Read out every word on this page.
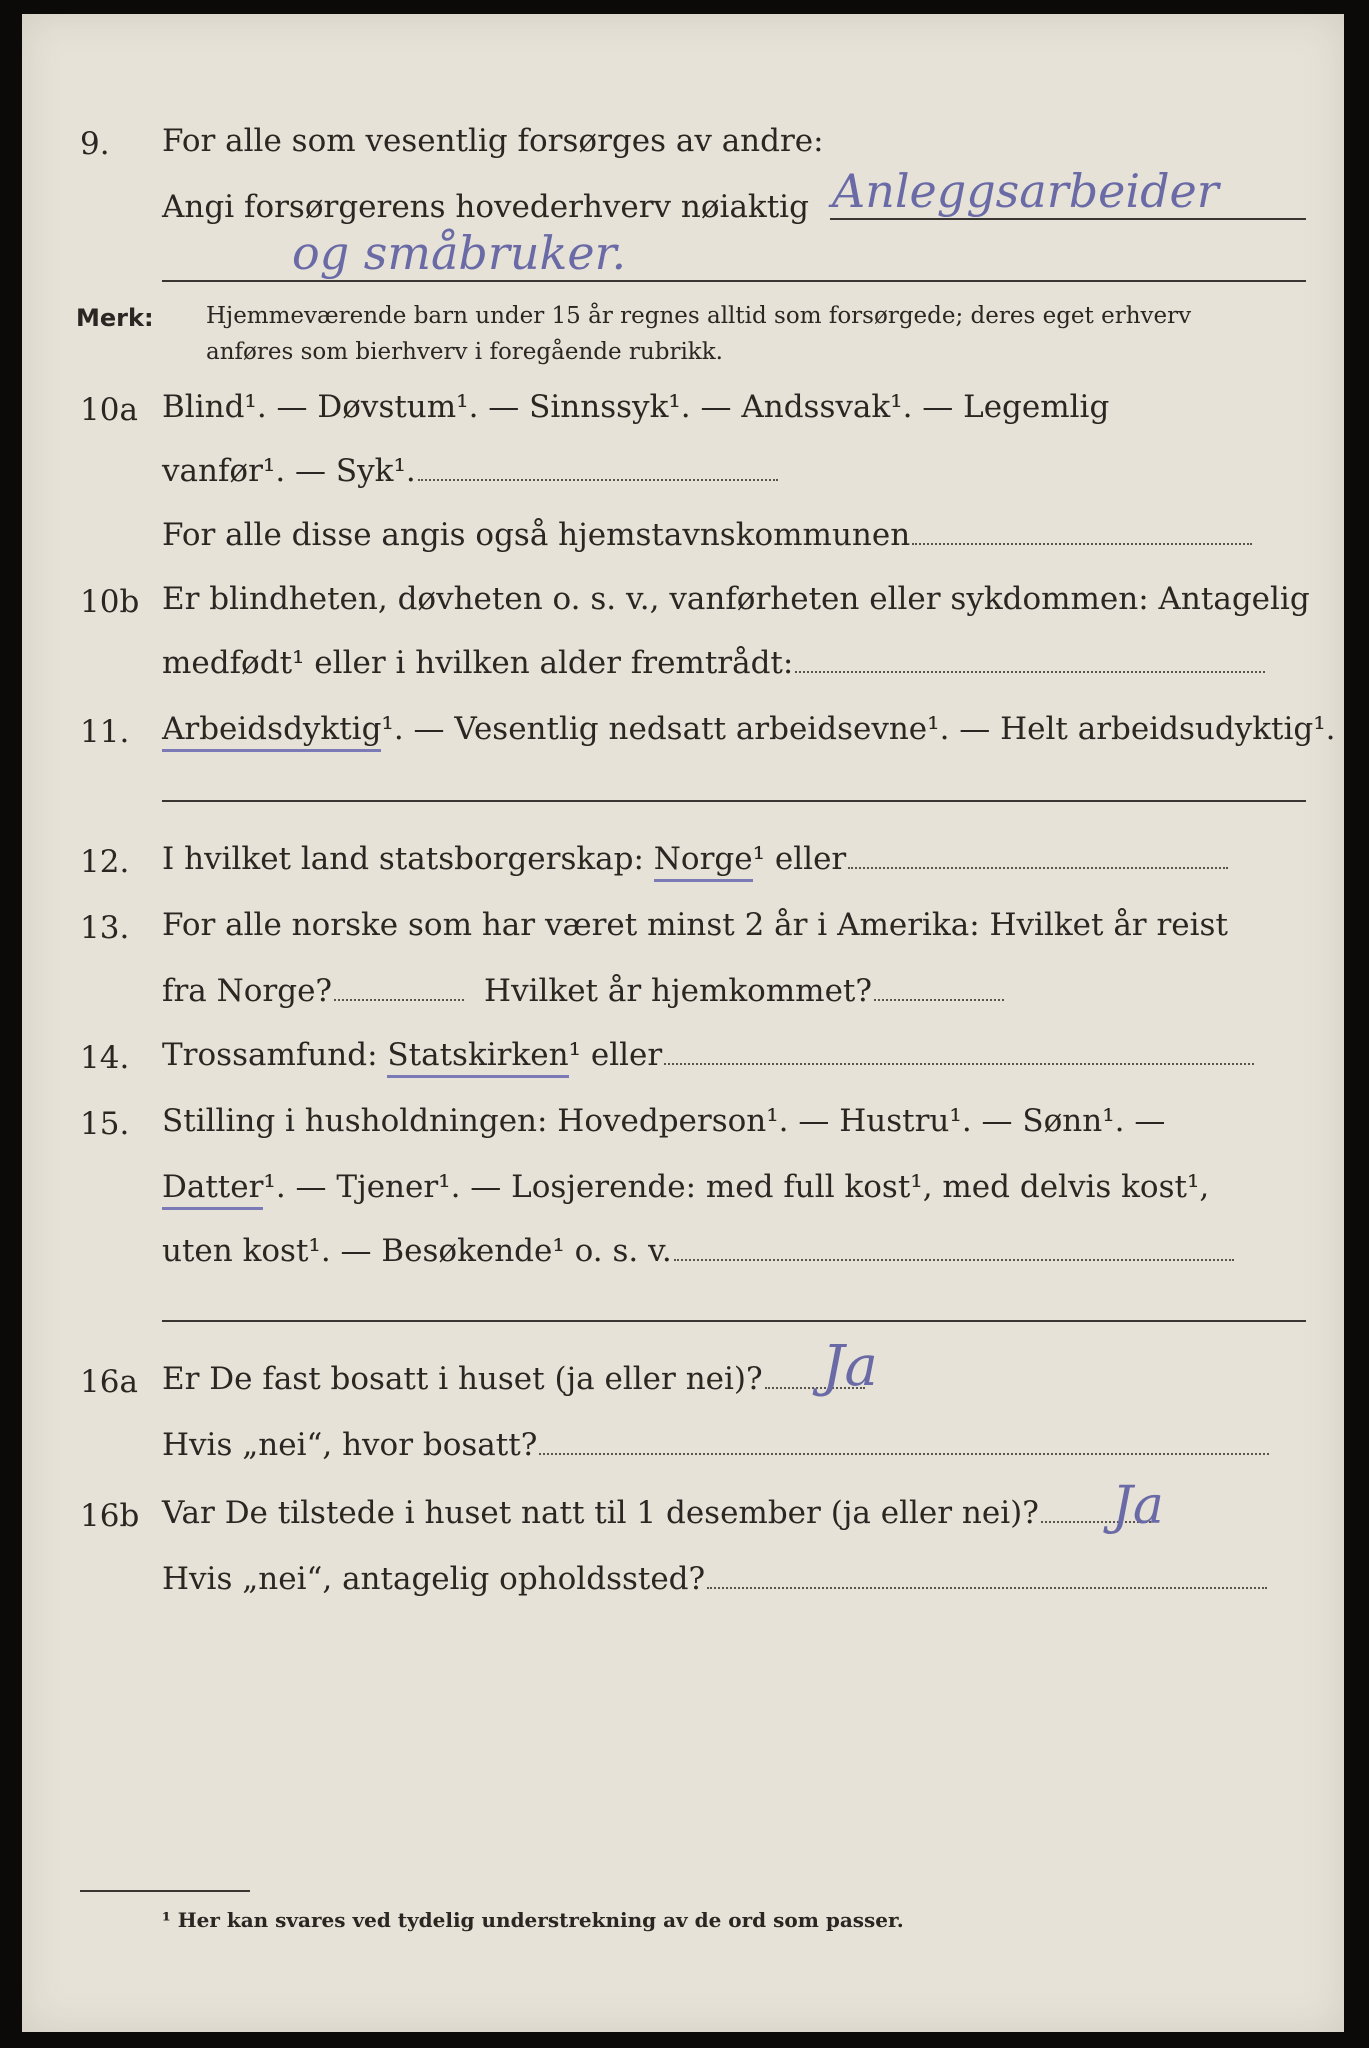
9. For alle som vesentlig forsørges av andre:
Angi forsørgerens hovederhverv nøiaktig Anleggsarbeider
og småbruker.
Merk: Hjemmeværende barn under 15 år regnes alltid som forsørgede; deres eget erhverv
anføres som bierhverv i foregående rubrikk.
10a Blind¹. — Døvstum¹. — Sinnssyk¹. — Andssvak¹. — Legemlig
vanfør¹. — Syk¹.
For alle disse angis også hjemstavnskommunen
10b Er blindheten, døvheten o. s. v., vanførheten eller sykdommen: Antagelig
medfødt¹ eller i hvilken alder fremtrådt:
11. Arbeidsdyktig¹. — Vesentlig nedsatt arbeidsevne¹. — Helt arbeidsudyktig¹.
12. I hvilket land statsborgerskap: Norge¹ eller
13. For alle norske som har været minst 2 år i Amerika: Hvilket år reist
fra Norge?	Hvilket år hjemkommet?
14. Trossamfund: Statskirken¹ eller
15. Stilling i husholdningen: Hovedperson¹. — Hustru¹. — Sønn¹. —
Datter¹. — Tjener¹. — Losjerende: med full kost¹, med delvis kost¹,
uten kost¹. — Besøkende¹ o. s. v.
16a Er De fast bosatt i huset (ja eller nei)?	Ja
Hvis „nei“, hvor bosatt?
16b Var De tilstede i huset natt til 1 desember (ja eller nei)?	Ja
Hvis „nei“, antagelig opholdssted?
¹ Her kan svares ved tydelig understrekning av de ord som passer.
